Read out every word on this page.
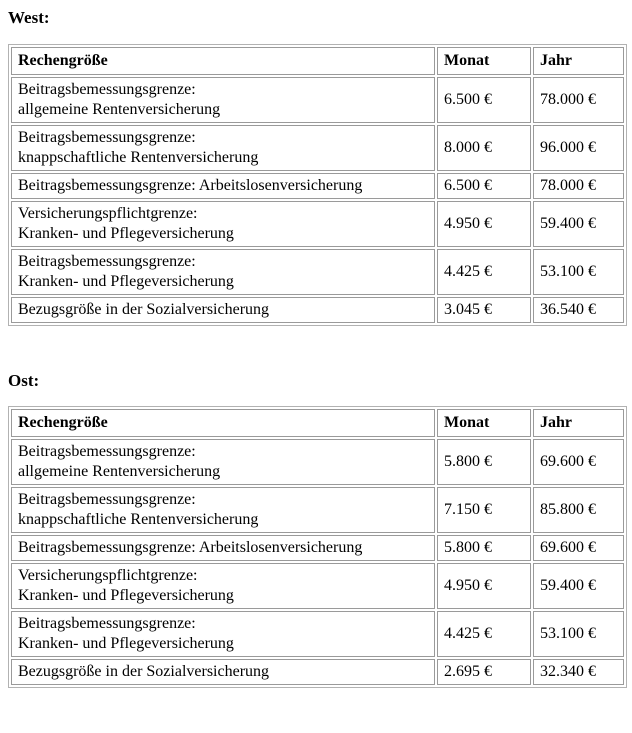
West:

Rechengröße	Monat	Jahr

Beitragsbemessungsgrenze:
allgemeine Rentenversicherung	6.500 €	78.000 €

Beitragsbemessungsgrenze:
knappschaftliche Rentenversicherung	8.000 €	96.000 €

Beitragsbemessungsgrenze: Arbeitslosenversicherung	6.500 €	78.000 €

Versicherungspflichtgrenze:
Kranken- und Pflegeversicherung	4.950 €	59.400 €

Beitragsbemessungsgrenze:
Kranken- und Pflegeversicherung	4.425 €	53.100 €

Bezugsgröße in der Sozialversicherung	3.045 €	36.540 €

Ost:

Rechengröße	Monat	Jahr

Beitragsbemessungsgrenze:
allgemeine Rentenversicherung	5.800 €	69.600 €

Beitragsbemessungsgrenze:
knappschaftliche Rentenversicherung	7.150 €	85.800 €

Beitragsbemessungsgrenze: Arbeitslosenversicherung	5.800 €	69.600 €

Versicherungspflichtgrenze:
Kranken- und Pflegeversicherung	4.950 €	59.400 €

Beitragsbemessungsgrenze:
Kranken- und Pflegeversicherung	4.425 €	53.100 €

Bezugsgröße in der Sozialversicherung	2.695 €	32.340 €
